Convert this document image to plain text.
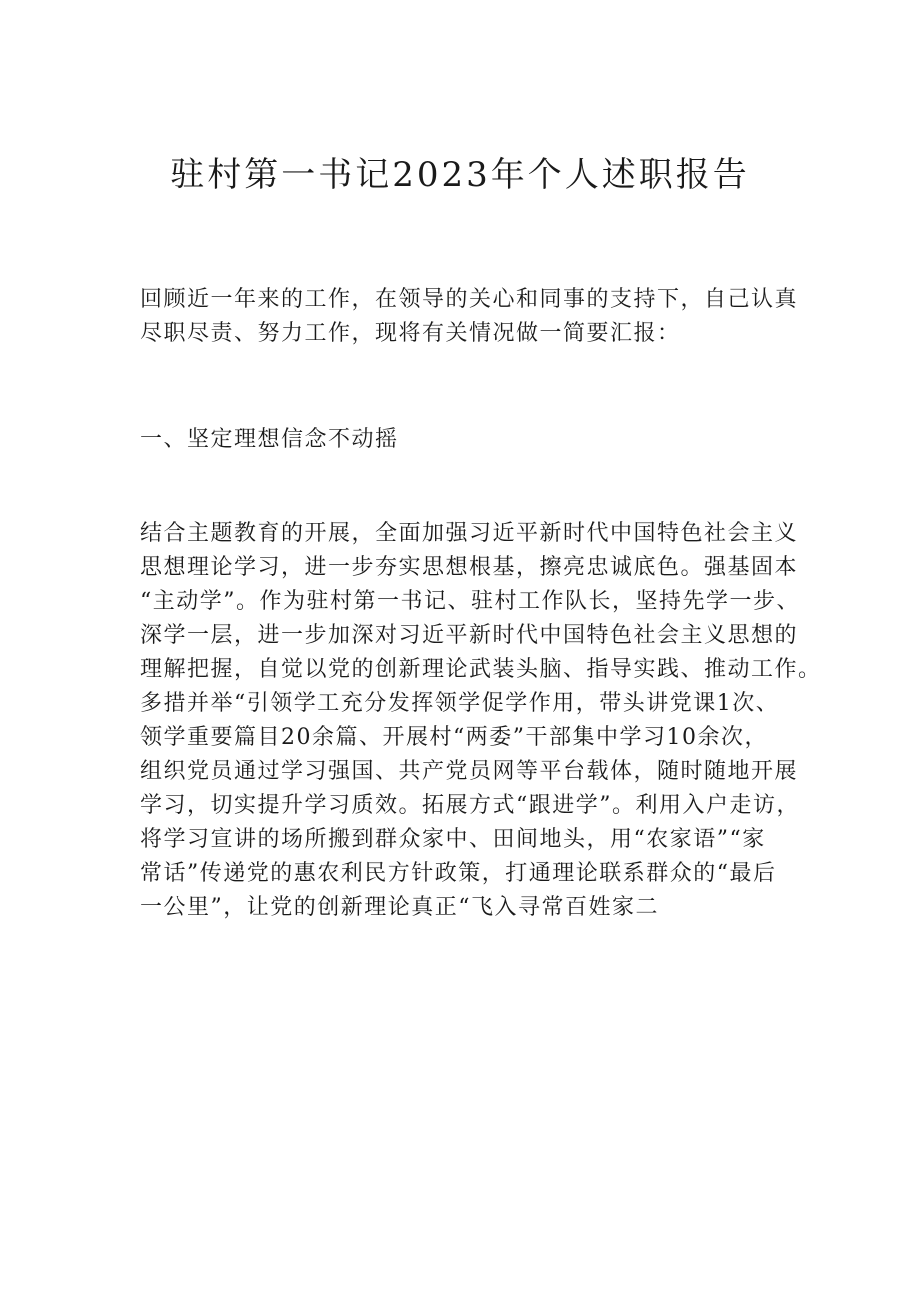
驻村第一书记2023年个人述职报告

回顾近一年来的工作，在领导的关心和同事的支持下，自己认真
尽职尽责、努力工作，现将有关情况做一简要汇报：

一、坚定理想信念不动摇

结合主题教育的开展，全面加强习近平新时代中国特色社会主义
思想理论学习，进一步夯实思想根基，擦亮忠诚底色。强基固本
“主动学”。作为驻村第一书记、驻村工作队长，坚持先学一步、
深学一层，进一步加深对习近平新时代中国特色社会主义思想的
理解把握，自觉以党的创新理论武装头脑、指导实践、推动工作。
多措并举“引领学工充分发挥领学促学作用，带头讲党课1次、
领学重要篇目20余篇、开展村“两委”干部集中学习10余次，
组织党员通过学习强国、共产党员网等平台载体，随时随地开展
学习，切实提升学习质效。拓展方式“跟进学”。利用入户走访，
将学习宣讲的场所搬到群众家中、田间地头，用“农家语”“家
常话”传递党的惠农利民方针政策，打通理论联系群众的“最后
一公里”，让党的创新理论真正“飞入寻常百姓家二
